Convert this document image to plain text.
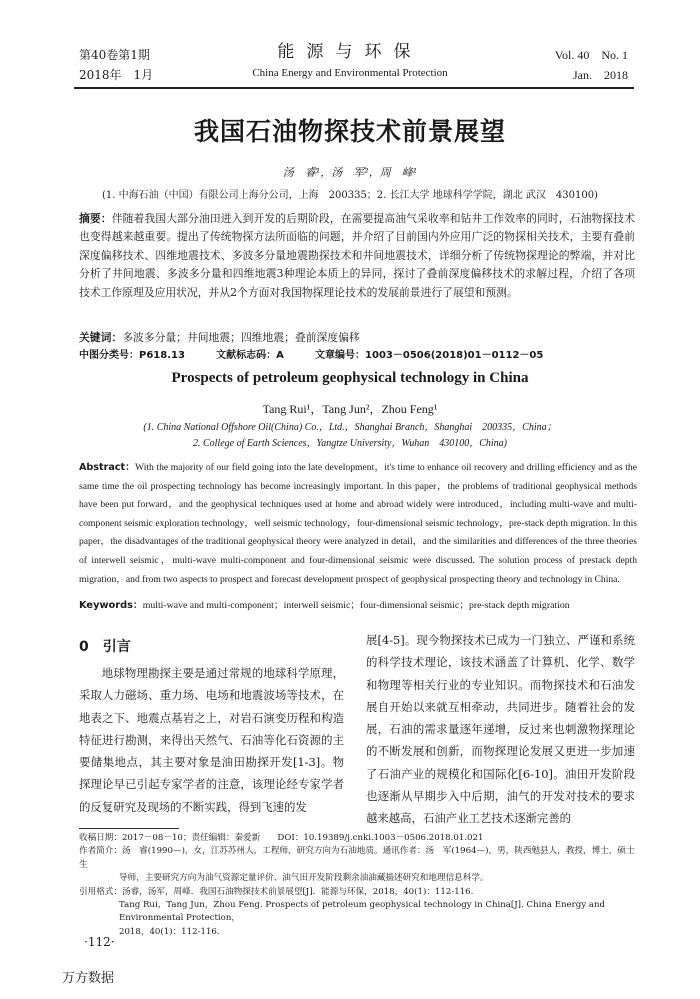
第40卷第1期
2018年　1月
能源与环保
China Energy and Environmental Protection
Vol. 40　No. 1
Jan.　2018
我国石油物探技术前景展望
汤　睿¹，汤　军²，周　峰¹
(1. 中海石油（中国）有限公司上海分公司，上海　200335；2. 长江大学 地球科学学院，湖北 武汉　430100)
摘要：伴随着我国大部分油田进入到开发的后期阶段，在需要提高油气采收率和钻井工作效率的同时，石油物探技术也变得越来越重要。提出了传统物探方法所面临的问题，并介绍了目前国内外应用广泛的物探相关技术，主要有叠前深度偏移技术、四维地震技术、多波多分量地震勘探技术和井间地震技术，详细分析了传统物探理论的弊端，并对比分析了井间地震、多波多分量和四维地震3种理论本质上的异同，探讨了叠前深度偏移技术的求解过程，介绍了各项技术工作原理及应用状况，并从2个方面对我国物探理论技术的发展前景进行了展望和预测。
关键词：多波多分量；井间地震；四维地震；叠前深度偏移
中图分类号：P618.13	文献标志码：A	文章编号：1003－0506(2018)01－0112－05
Prospects of petroleum geophysical technology in China
Tang Rui¹，Tang Jun²，Zhou Feng¹
(1. China National Offshore Oil(China) Co.，Ltd.，Shanghai Branch，Shanghai　200335，China；
2. College of Earth Sciences，Yangtze University，Wuhan　430100，China)
Abstract：With the majority of our field going into the late development，it's time to enhance oil recovery and drilling efficiency and as the same time the oil prospecting technology has become increasingly important. In this paper，the problems of traditional geophysical methods have been put forward，and the geophysical techniques used at home and abroad widely were introduced，including multi-wave and multi-component seismic exploration technology，well seismic technology，four-dimensional seismic technology，pre-stack depth migration. In this paper，the disadvantages of the traditional geophysical theory were analyzed in detail，and the similarities and differences of the three theories of interwell seismic，multi-wave multi-component and four-dimensional seismic were discussed. The solution process of prestack depth migration，and from two aspects to prospect and forecast development prospect of geophysical prospecting theory and technology in China.
Keywords：multi-wave and multi-component；interwell seismic；four-dimensional seismic；pre-stack depth migration
0　引言

地球物理勘探主要是通过常规的地球科学原理，采取人力磁场、重力场、电场和地震波场等技术，在地表之下、地震点基岩之上，对岩石演变历程和构造特征进行勘测，来得出天然气、石油等化石资源的主要储集地点，其主要对象是油田勘探开发[1-3]。物探理论早已引起专家学者的注意，该理论经专家学者的反复研究及现场的不断实践，得到飞速的发

展[4-5]。现今物探技术已成为一门独立、严谨和系统的科学技术理论，该技术涵盖了计算机、化学、数学和物理等相关行业的专业知识。而物探技术和石油发展自开始以来就互相牵动，共同进步。随着社会的发展，石油的需求量逐年递增，反过来也刺激物探理论的不断发展和创新，而物探理论发展又更进一步加速了石油产业的规模化和国际化[6-10]。油田开发阶段也逐渐从早期步入中后期，油气的开发对技术的要求越来越高，石油产业工艺技术逐渐完善的

收稿日期：2017－08－10；责任编辑：秦爱新　　DOI：10.19389/j.cnki.1003－0506.2018.01.021

作者简介：汤　睿(1990—)，女，江苏苏州人，工程师，研究方向为石油地质。通讯作者：汤　军(1964—)，男，陕西勉县人，教授，博士，硕士生

导师，主要研究方向为油气资源定量评价、油气田开发阶段剩余油油藏描述研究和地理信息科学。

引用格式：汤睿，汤军，周峰．我国石油物探技术前景展望[J]．能源与环保，2018，40(1)：112-116.

Tang Rui，Tang Jun，Zhou Feng. Prospects of petroleum geophysical technology in China[J]. China Energy and Environmental Protection，

2018，40(1)：112-116.

·112·
万方数据
